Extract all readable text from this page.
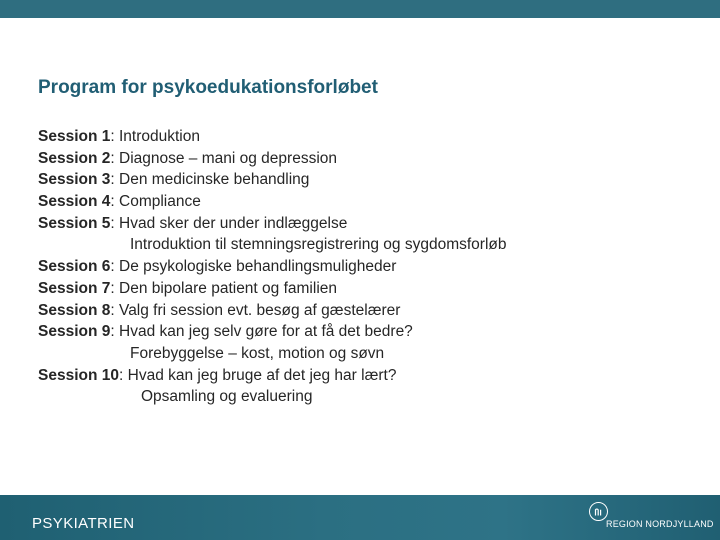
Program for psykoedukationsforløbet
Session 1: Introduktion
Session 2: Diagnose – mani og depression
Session 3: Den medicinske behandling
Session 4: Compliance
Session 5: Hvad sker der under indlæggelse
Introduktion til stemningsregistrering og sygdomsforløb
Session 6: De psykologiske behandlingsmuligheder
Session 7: Den bipolare patient og familien
Session 8: Valg fri session evt. besøg af gæstelærer
Session 9: Hvad kan jeg selv gøre for at få det bedre?
Forebyggelse – kost, motion og søvn
Session 10: Hvad kan jeg bruge af det jeg har lært?
Opsamling og evaluering
PSYKIATRIEN	REGION NORDJYLLAND
